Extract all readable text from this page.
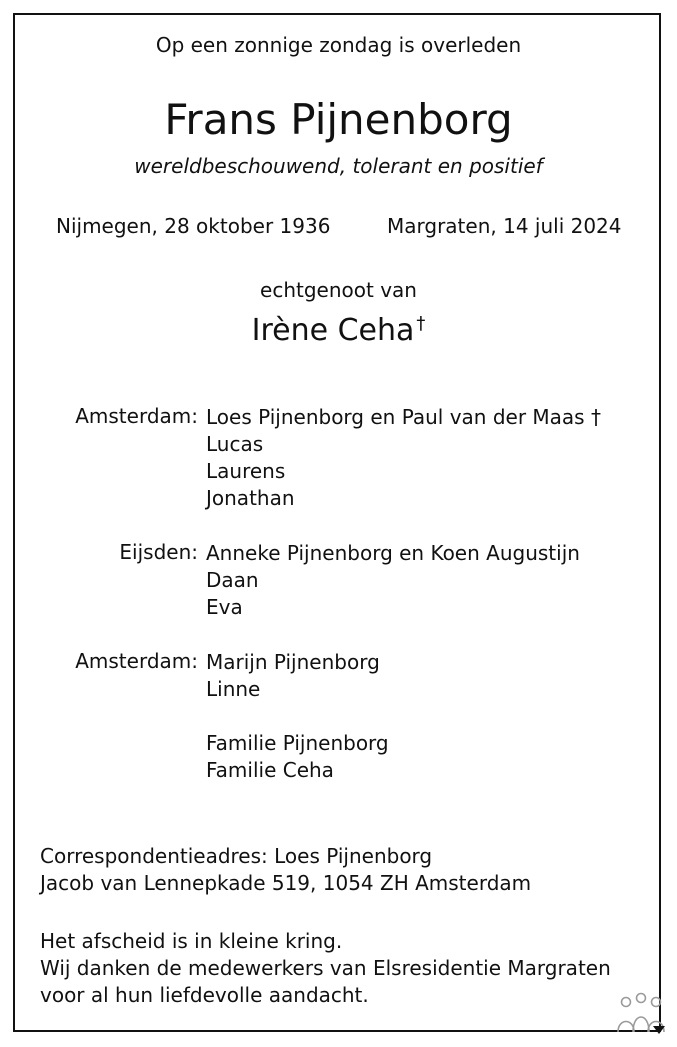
Op een zonnige zondag is overleden
Frans Pijnenborg
wereldbeschouwend, tolerant en positief
Nijmegen, 28 oktober 1936	Margraten, 14 juli 2024
echtgenoot van
Irène Ceha †
Amsterdam: Loes Pijnenborg en Paul van der Maas †
Lucas
Laurens
Jonathan
Eijsden: Anneke Pijnenborg en Koen Augustijn
Daan
Eva
Amsterdam: Marijn Pijnenborg
Linne
Familie Pijnenborg
Familie Ceha
Correspondentieadres: Loes Pijnenborg
Jacob van Lennepkade 519, 1054 ZH Amsterdam
Het afscheid is in kleine kring.
Wij danken de medewerkers van Elsresidentie Margraten
voor al hun liefdevolle aandacht.
